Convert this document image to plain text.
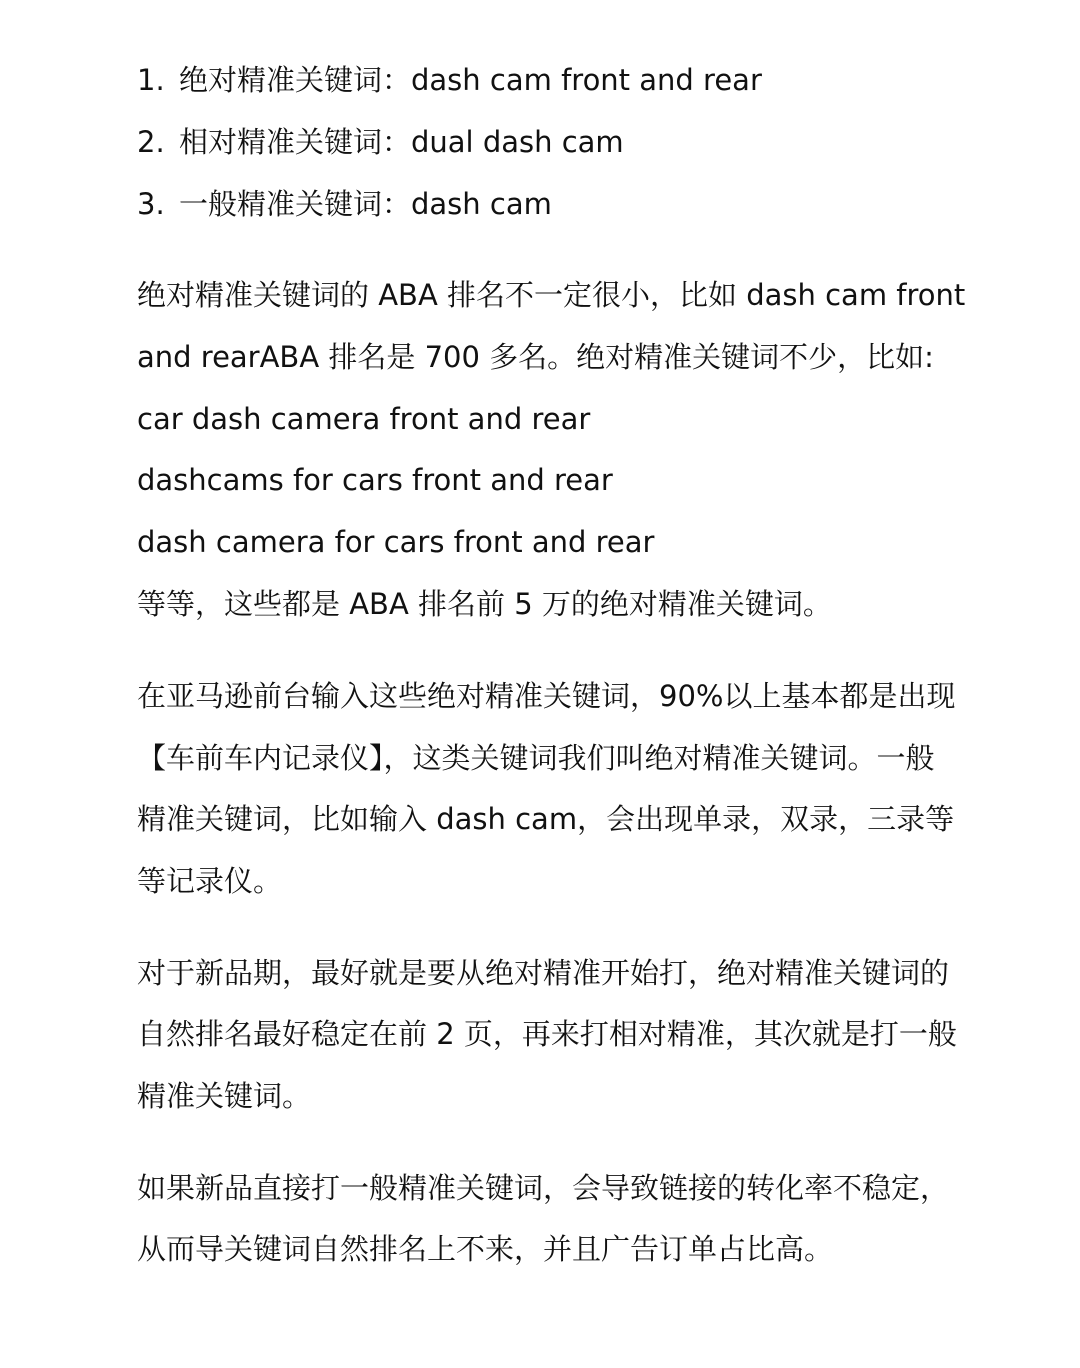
1. 绝对精准关键词：dash cam front and rear
2. 相对精准关键词：dual dash cam
3. 一般精准关键词：dash cam
绝对精准关键词的 ABA 排名不一定很小，比如 dash cam front
and rearABA 排名是 700 多名。绝对精准关键词不少，比如:
car dash camera front and rear
dashcams for cars front and rear
dash camera for cars front and rear
等等，这些都是 ABA 排名前 5 万的绝对精准关键词。
在亚马逊前台输入这些绝对精准关键词，90%以上基本都是出现
【车前车内记录仪】，这类关键词我们叫绝对精准关键词。一般
精准关键词，比如输入 dash cam，会出现单录，双录，三录等
等记录仪。
对于新品期，最好就是要从绝对精准开始打，绝对精准关键词的
自然排名最好稳定在前 2 页，再来打相对精准，其次就是打一般
精准关键词。
如果新品直接打一般精准关键词，会导致链接的转化率不稳定，
从而导关键词自然排名上不来，并且广告订单占比高。
